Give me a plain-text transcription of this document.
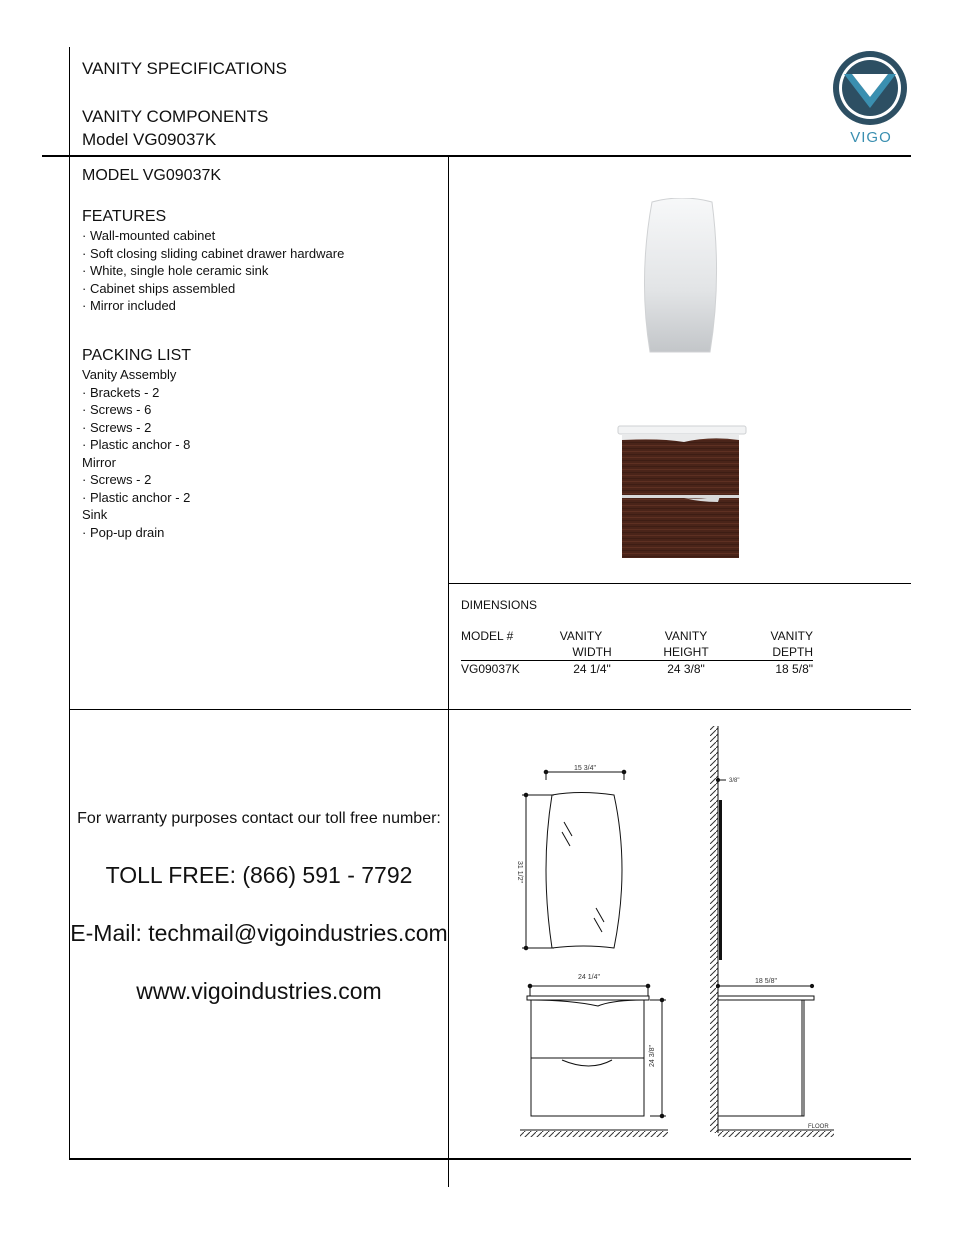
VANITY SPECIFICATIONS
VANITY COMPONENTS
Model VG09037K	VIGO
MODEL VG09037K
FEATURES
· Wall-mounted cabinet
· Soft closing sliding cabinet drawer hardware
· White, single hole ceramic sink
· Cabinet ships assembled
· Mirror included
PACKING LIST
Vanity Assembly
· Brackets - 2
· Screws - 6
· Screws - 2
· Plastic anchor - 8
Mirror
· Screws - 2
· Plastic anchor - 2
Sink
· Pop-up drain
DIMENSIONS
MODEL #	VANITY	VANITY	VANITY
	WIDTH	HEIGHT	DEPTH
VG09037K	24 1/4"	24 3/8"	18 5/8"
For warranty purposes contact our toll free number:
TOLL FREE: (866) 591 - 7792
E-Mail: techmail@vigoindustries.com
www.vigoindustries.com
15 3/4"
31 1/2"
3/8"
24 1/4"
24 3/8"
18 5/8"
FLOOR
